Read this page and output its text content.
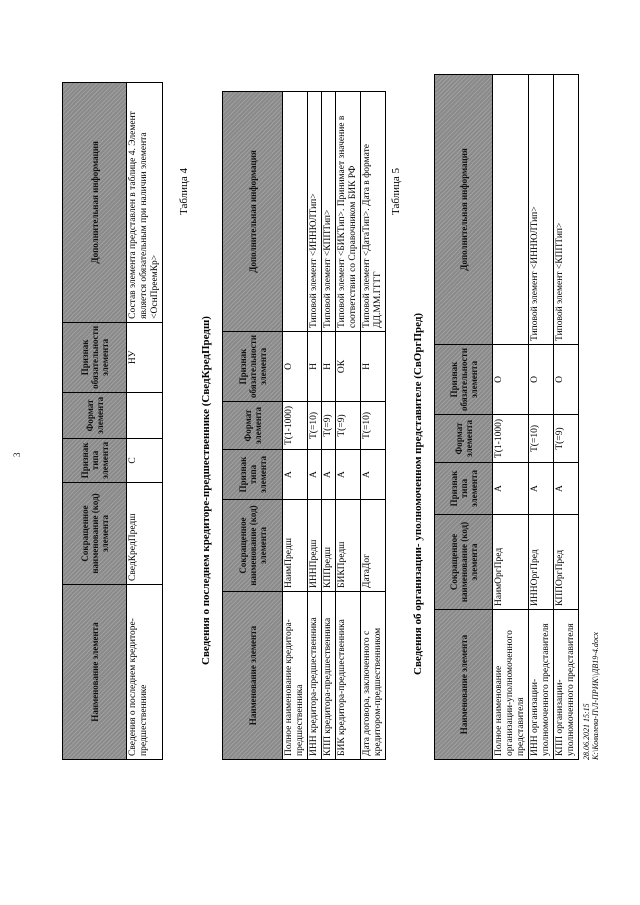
3
Наименование элемента	Сокращенное наименование (код) элемента	Признак типа элемента	Формат элемента	Признак обязательности элемента	Дополнительная информация
Сведения о последнем кредиторе-предшественнике	СведКредПредш	С		НУ	Состав элемента представлен в таблице 4. Элемент является обязательным при наличии элемента <ОснПреемКр>
Таблица 4
Сведения о последнем кредиторе-предшественнике (СведКредПредш)
Наименование элемента	Сокращенное наименование (код) элемента	Признак типа элемента	Формат элемента	Признак обязательности элемента	Дополнительная информация
Полное наименование кредитора-предшественника	НаимПредш	А	Т(1-1000)	О	
ИНН кредитора-предшественника	ИННПредш	А	Т(=10)	Н	Типовой элемент <ИННЮЛТип>
КПП кредитора-предшественника	КППредш	А	Т(=9)	Н	Типовой элемент <КППТип>
БИК кредитора-предшественника	БИКПредш	А	Т(=9)	ОК	Типовой элемент <БИКТип>. Принимает значение в соответствии со Справочником БИК РФ
Дата договора, заключенного с кредитором-предшественником	ДатаДог	А	Т(=10)	Н	Типовой элемент <ДатаТип>. Дата в формате ДД.ММ.ГГГГ
Таблица 5
Сведения об организации- уполномоченном представителе (СвОргПред)
Наименование элемента	Сокращенное наименование (код) элемента	Признак типа элемента	Формат элемента	Признак обязательности элемента	Дополнительная информация
Полное наименование организации-уполномоченного представителя	НаимОргПред	А	Т(1-1000)	О	
ИНН организации-уполномоченного представителя	ИННОргПред	А	Т(=10)	О	Типовой элемент <ИННЮЛТип>
КПП организации-уполномоченного представителя	КППОргПред	А	Т(=9)	О	Типовой элемент <КППТип>
28.06.2021 15:15 К:\Ковалева-П\Л-ПРИК\\ДВ19-4.docx
